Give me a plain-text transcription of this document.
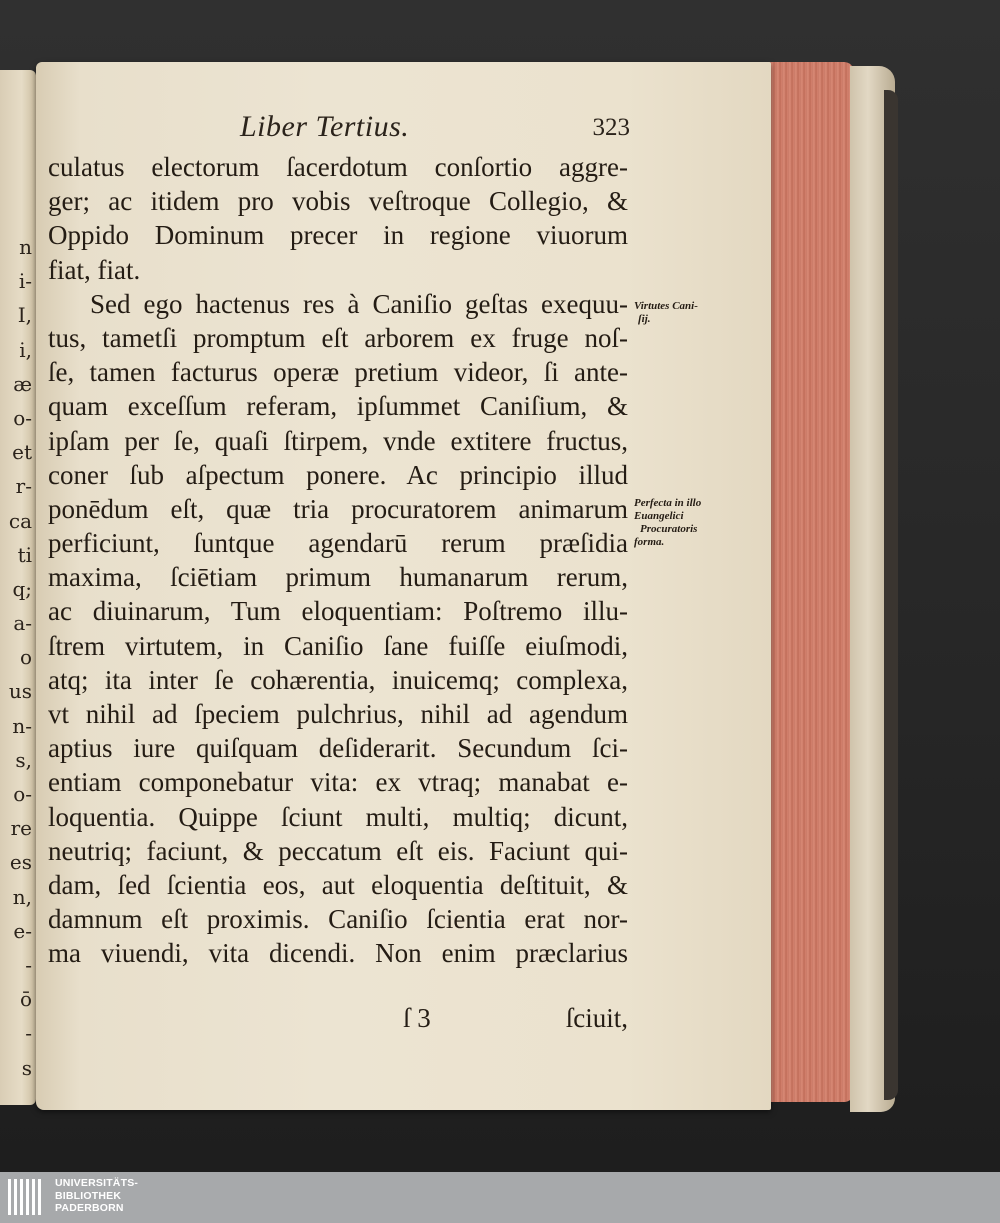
n
i-
I,
i,
æ
o-
et
r-
ca
ti
q;
a-
o
us
n-
s,
o-
re
es
n,
e-
-
ō
-
s
Liber Tertius.	323
culatus electorum ſacerdotum conſortio aggre-
ger; ac itidem pro vobis veſtroque Collegio, &
Oppido Dominum precer in regione viuorum
fiat, fiat.
Sed ego hactenus res à Caniſio geſtas exequu-
tus, tametſi promptum eſt arborem ex fruge noſ-
ſe, tamen facturus operæ pretium videor, ſi ante-
quam exceſſum referam, ipſummet Caniſium, &
ipſam per ſe, quaſi ſtirpem, vnde extitere fructus,
coner ſub aſpectum ponere. Ac principio illud
ponēdum eſt, quæ tria procuratorem animarum
perficiunt, ſuntque agendarū rerum præſidia
maxima, ſciētiam primum humanarum rerum,
ac diuinarum, Tum eloquentiam: Poſtremo illu-
ſtrem virtutem, in Caniſio ſane fuiſſe eiuſmodi,
atq; ita inter ſe cohærentia, inuicemq; complexa,
vt nihil ad ſpeciem pulchrius, nihil ad agendum
aptius iure quiſquam deſiderarit. Secundum ſci-
entiam componebatur vita: ex vtraq; manabat e-
loquentia. Quippe ſciunt multi, multiq; dicunt,
neutriq; faciunt, & peccatum eſt eis. Faciunt qui-
dam, ſed ſcientia eos, aut eloquentia deſtituit, &
damnum eſt proximis. Caniſio ſcientia erat nor-
ma viuendi, vita dicendi. Non enim præclarius
ſ 3	ſciuit,
Virtutes Cani-
ſij.
Perfecta in illo
Euangelici
Procuratoris
forma.
UNIVERSITÄTS-
BIBLIOTHEK
PADERBORN
